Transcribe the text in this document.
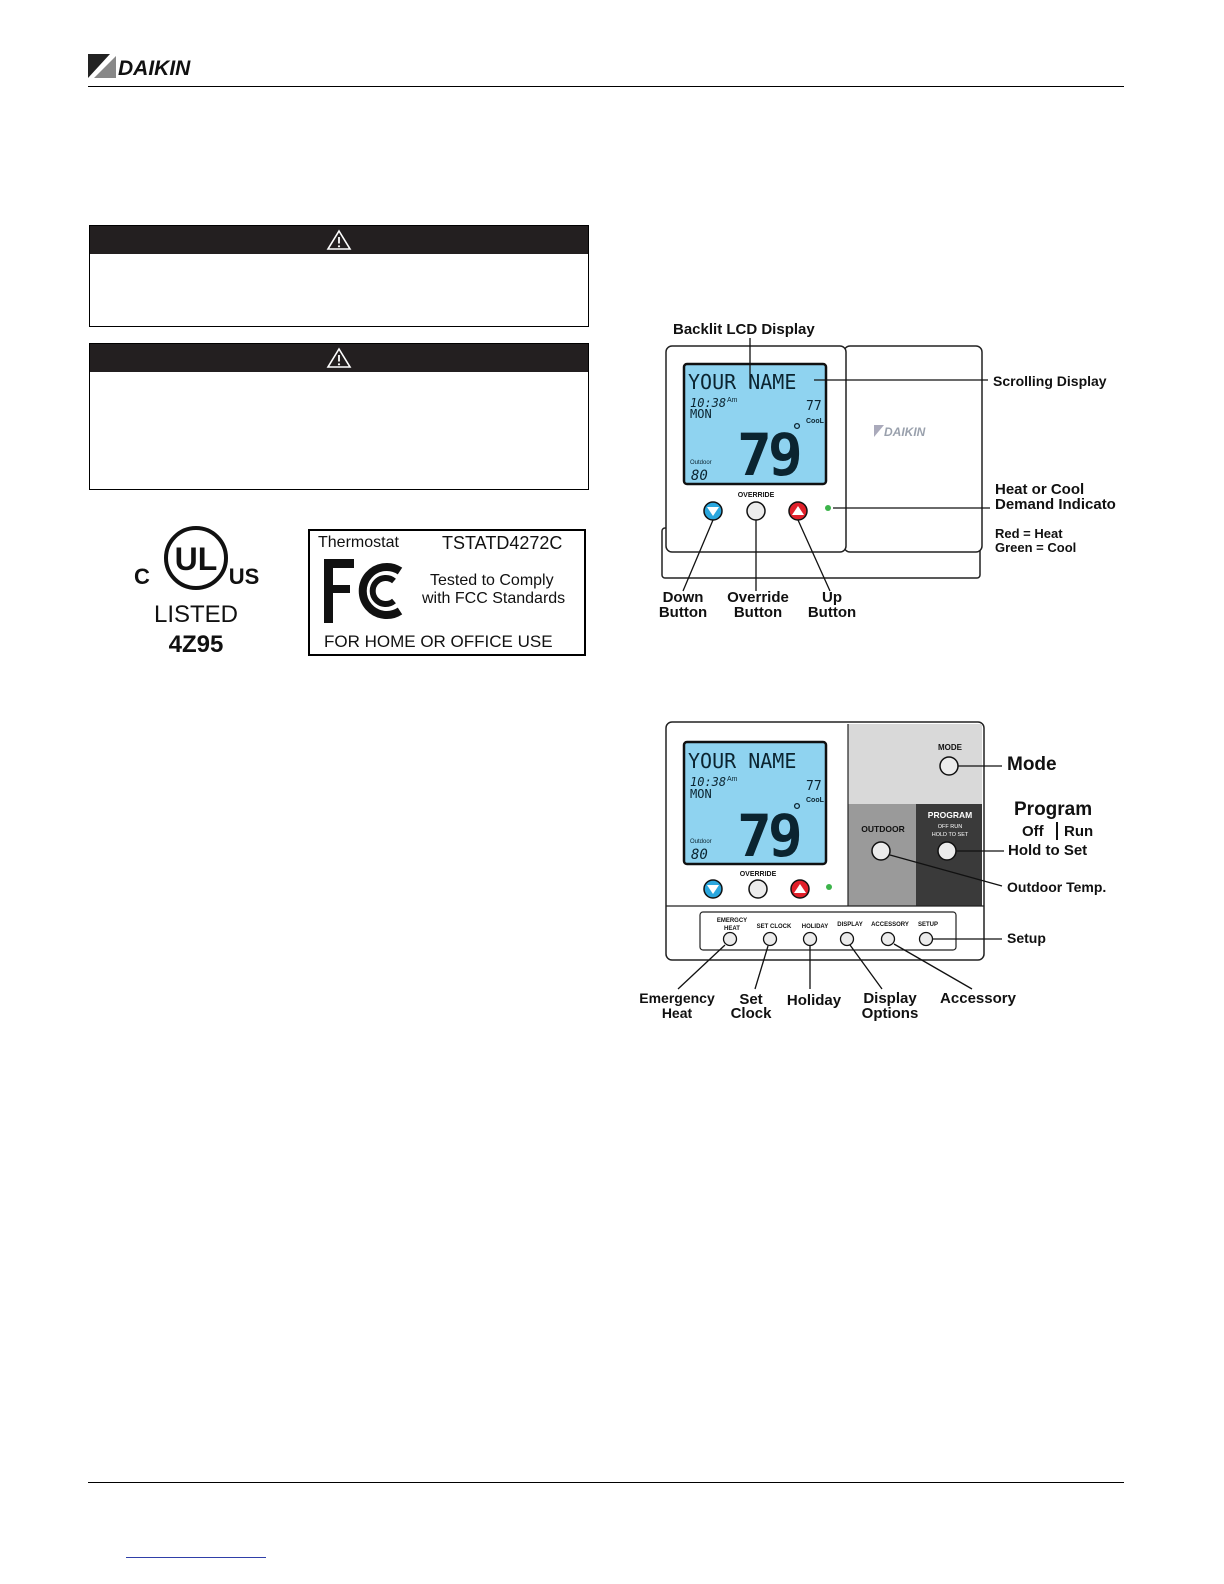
DAIKIN
UL
C	US
LISTED
4Z95
Thermostat TSTATD4272C
Tested to Comply
with FCC Standards
FOR HOME OR OFFICE USE
YOUR NAME
10:38 Am
MON	77
CooL
79
Outdoor
80
DAIKIN
OVERRIDE
Backlit LCD Display
Scrolling Display
Heat or Cool
Demand Indicato
Red = Heat
Green = Cool
Down
Button
Override
Button
Up
Button
YOUR NAME
10:38 Am
MON	77
CooL
79
Outdoor
80
OVERRIDE
MODE
OUTDOOR
PROGRAM
OFF RUN
HOLD TO SET
EMERGCY
HEAT	SET CLOCK HOLIDAY DISPLAY ACCESSORY SETUP
Mode
Program
Off Run
Hold to Set
Outdoor Temp.
Setup
Emergency
Heat
Set
Clock
Holiday	Display
Options
Accessory
